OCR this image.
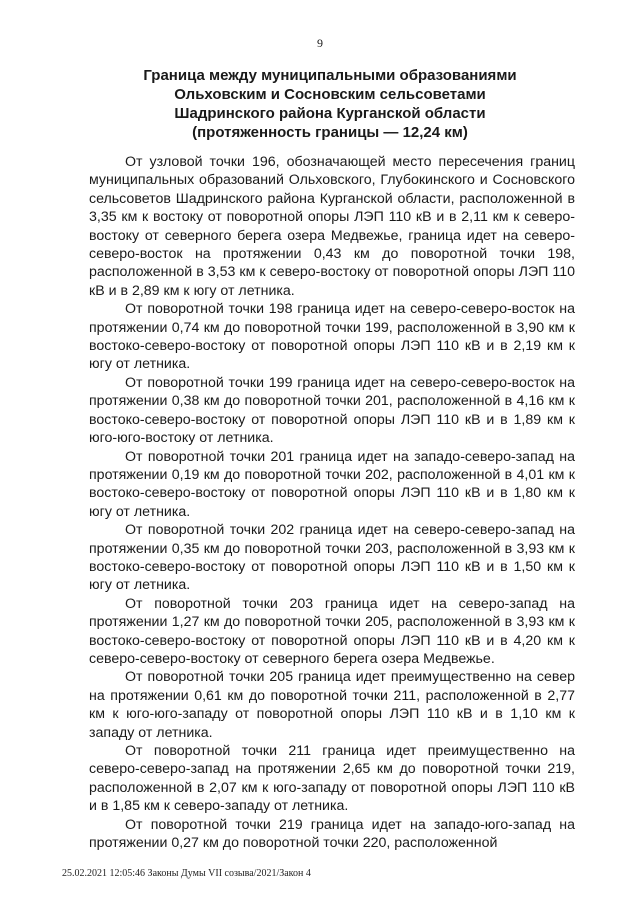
9
Граница между муниципальными образованиями
Ольховским и Сосновским сельсоветами
Шадринского района Курганской области
(протяженность границы — 12,24 км)

От узловой точки 196, обозначающей место пересечения границ муниципальных образований Ольховского, Глубокинского и Сосновского сельсоветов Шадринского района Курганской области, расположенной в 3,35 км к востоку от поворотной опоры ЛЭП 110 кВ и в 2,11 км к северо-востоку от северного берега озера Медвежье, граница идет на северо-северо-восток на протяжении 0,43 км до поворотной точки 198, расположенной в 3,53 км к северо-востоку от поворотной опоры ЛЭП 110 кВ и в 2,89 км к югу от летника.

От поворотной точки 198 граница идет на северо-северо-восток на протяжении 0,74 км до поворотной точки 199, расположенной в 3,90 км к востоко-северо-востоку от поворотной опоры ЛЭП 110 кВ и в 2,19 км к югу от летника.

От поворотной точки 199 граница идет на северо-северо-восток на протяжении 0,38 км до поворотной точки 201, расположенной в 4,16 км к востоко-северо-востоку от поворотной опоры ЛЭП 110 кВ и в 1,89 км к юго-юго-востоку от летника.

От поворотной точки 201 граница идет на западо-северо-запад на протяжении 0,19 км до поворотной точки 202, расположенной в 4,01 км к востоко-северо-востоку от поворотной опоры ЛЭП 110 кВ и в 1,80 км к югу от летника.

От поворотной точки 202 граница идет на северо-северо-запад на протяжении 0,35 км до поворотной точки 203, расположенной в 3,93 км к востоко-северо-востоку от поворотной опоры ЛЭП 110 кВ и в 1,50 км к югу от летника.

От поворотной точки 203 граница идет на северо-запад на протяжении 1,27 км до поворотной точки 205, расположенной в 3,93 км к востоко-северо-востоку от поворотной опоры ЛЭП 110 кВ и в 4,20 км к северо-северо-востоку от северного берега озера Медвежье.

От поворотной точки 205 граница идет преимущественно на север на протяжении 0,61 км до поворотной точки 211, расположенной в 2,77 км к юго-юго-западу от поворотной опоры ЛЭП 110 кВ и в 1,10 км к западу от летника.

От поворотной точки 211 граница идет преимущественно на северо-северо-запад на протяжении 2,65 км до поворотной точки 219, расположенной в 2,07 км к юго-западу от поворотной опоры ЛЭП 110 кВ и в 1,85 км к северо-западу от летника.

От поворотной точки 219 граница идет на западо-юго-запад на протяжении 0,27 км до поворотной точки 220, расположенной

25.02.2021 12:05:46 Законы Думы VII созыва/2021/Закон 4
